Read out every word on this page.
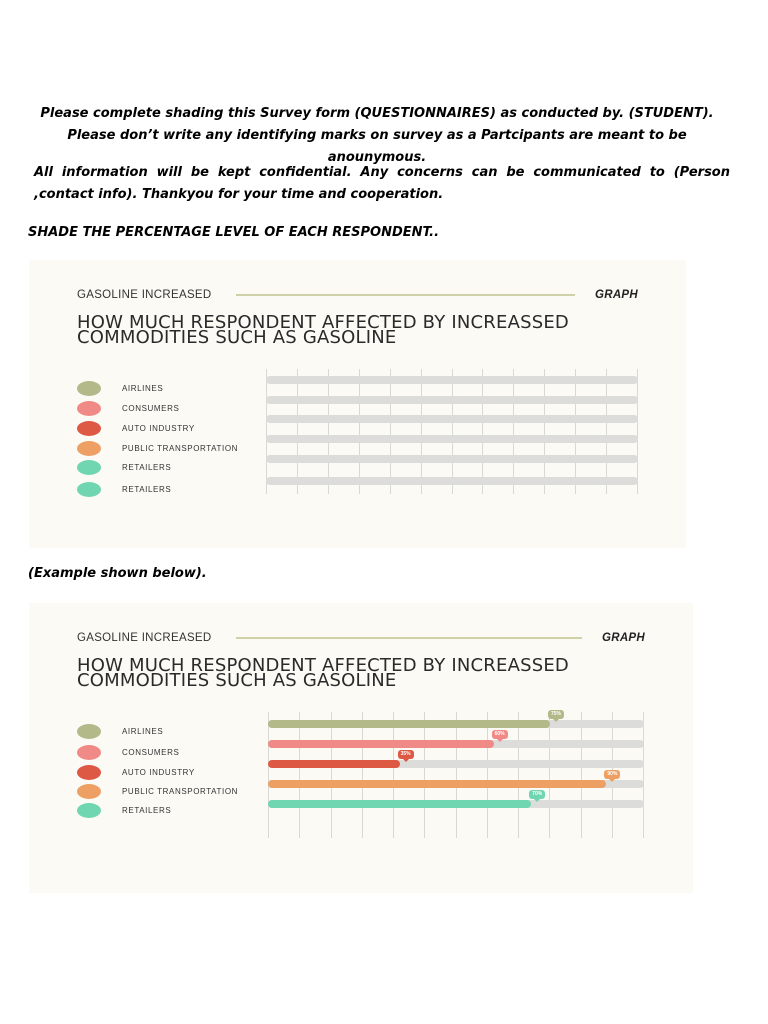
Please complete shading this Survey form (QUESTIONNAIRES) as conducted by. (STUDENT). Please don’t write any identifying marks on survey as a Partcipants are meant to be anounymous.

All information will be kept confidential. Any concerns can be communicated to (Person ,contact info). Thankyou for your time and cooperation.

SHADE THE PERCENTAGE LEVEL OF EACH RESPONDENT..

GASOLINE INCREASED	GRAPH
HOW MUCH RESPONDENT AFFECTED BY INCREASSED COMMODITIES SUCH AS GASOLINE
AIRLINES
CONSUMERS
AUTO INDUSTRY
PUBLIC TRANSPORTATION
RETAILERS
RETAILERS

(Example shown below).

GASOLINE INCREASED	GRAPH
HOW MUCH RESPONDENT AFFECTED BY INCREASSED COMMODITIES SUCH AS GASOLINE
AIRLINES
CONSUMERS
AUTO INDUSTRY
PUBLIC TRANSPORTATION
RETAILERS
75%
60%
35%
90%
70%
